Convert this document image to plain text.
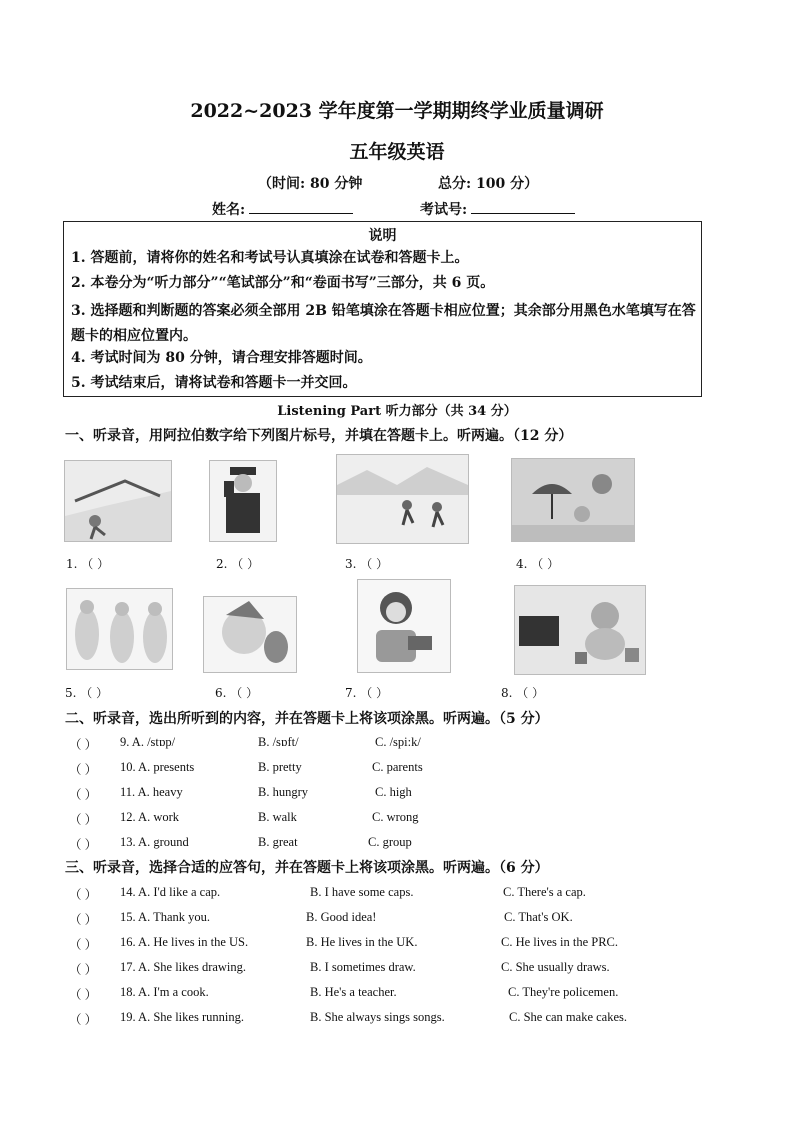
2022~2023 学年度第一学期期终学业质量调研
五年级英语
（时间: 80 分钟	总分: 100 分）
姓名:	考试号:
说明
1. 答题前，请将你的姓名和考试号认真填涂在试卷和答题卡上。
2. 本卷分为“听力部分”“笔试部分”和“卷面书写”三部分，共 6 页。
3. 选择题和判断题的答案必须全部用 2B 铅笔填涂在答题卡相应位置；其余部分用黑色水笔填写在答题卡的相应位置内。
4. 考试时间为 80 分钟，请合理安排答题时间。
5. 考试结束后，请将试卷和答题卡一并交回。
Listening Part 听力部分（共 34 分）
一、听录音，用阿拉伯数字给下列图片标号，并填在答题卡上。听两遍。（12 分）
1. （ ）	2. （ ）	3. （ ）	4. （ ）
5. （ ）	6. （ ）	7. （ ）	8. （ ）
二、听录音，选出所听到的内容，并在答题卡上将该项涂黑。听两遍。（5 分）
（ ） 9. A. /stɒp/	B. /sɒft/	C. /spi:k/
（ ） 10. A. presents	B. pretty	C. parents
（ ） 11. A. heavy	B. hungry	C. high
（ ） 12. A. work	B. walk	C. wrong
（ ） 13. A. ground	B. great	C. group
三、听录音，选择合适的应答句，并在答题卡上将该项涂黑。听两遍。（6 分）
（ ） 14. A. I'd like a cap.	B. I have some caps.	C. There's a cap.
（ ） 15. A. Thank you.	B. Good idea!	C. That's OK.
（ ） 16. A. He lives in the US.	B. He lives in the UK.	C. He lives in the PRC.
（ ） 17. A. She likes drawing.	B. I sometimes draw.	C. She usually draws.
（ ） 18. A. I'm a cook.	B. He's a teacher.	C. They're policemen.
（ ） 19. A. She likes running.	B. She always sings songs.	C. She can make cakes.
